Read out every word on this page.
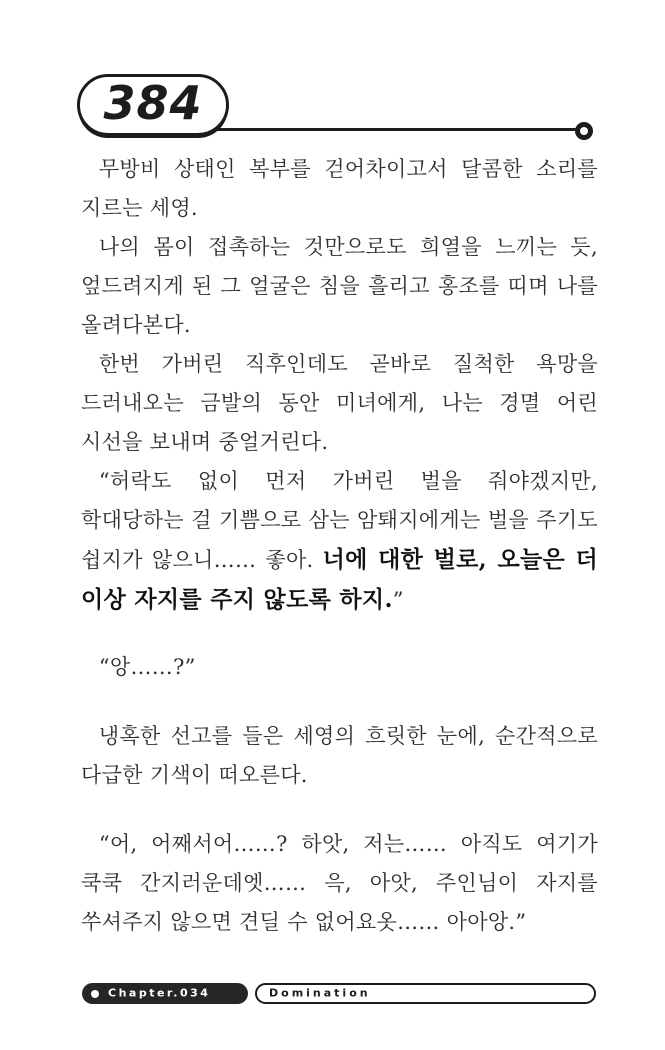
384

무방비 상태인 복부를 걷어차이고서 달콤한 소리를 지르는 세영.

나의 몸이 접촉하는 것만으로도 희열을 느끼는 듯, 엎드려지게 된 그 얼굴은 침을 흘리고 홍조를 띠며 나를 올려다본다.

한번 가버린 직후인데도 곧바로 질척한 욕망을 드러내오는 금발의 동안 미녀에게, 나는 경멸 어린 시선을 보내며 중얼거린다.

“허락도 없이 먼저 가버린 벌을 줘야겠지만, 학대당하는 걸 기쁨으로 삼는 암퇘지에게는 벌을 주기도 쉽지가 않으니…… 좋아. 너에 대한 벌로, 오늘은 더 이상 자지를 주지 않도록 하지.”

“앙……?”

냉혹한 선고를 들은 세영의 흐릿한 눈에, 순간적으로 다급한 기색이 떠오른다.

“어, 어째서어……? 하앗, 저는…… 아직도 여기가 쿡쿡 간지러운데엣…… 윽, 아앗, 주인님이 자지를 쑤셔주지 않으면 견딜 수 없어요옷…… 아아앙.”

Chapter.034	Domination
